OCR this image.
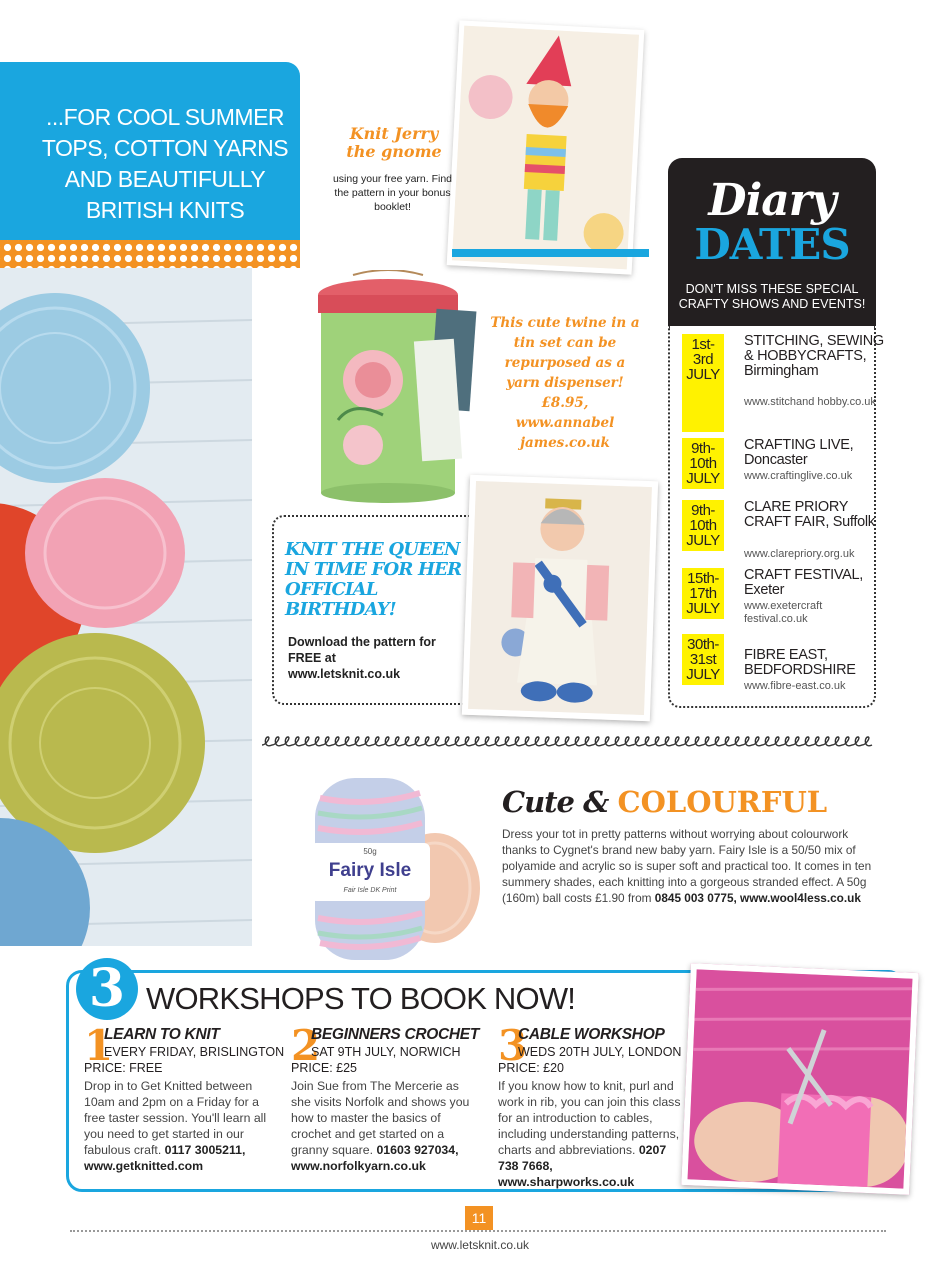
...FOR COOL SUMMER TOPS, COTTON YARNS AND BEAUTIFULLY BRITISH KNITS
Knit Jerry the gnome
using your free yarn. Find the pattern in your bonus booklet!
This cute twine in a tin set can be repurposed as a yarn dispenser! £8.95, www.annabel james.co.uk
KNIT THE QUEEN IN TIME FOR HER OFFICIAL BIRTHDAY!
Download the pattern for FREE at www.letsknit.co.uk
Diary
DATES
DON'T MISS THESE SPECIAL CRAFTY SHOWS AND EVENTS!
1st-3rd JULY
STITCHING, SEWING & HOBBYCRAFTS, Birmingham
www.stitchand hobby.co.uk
9th-10th JULY
CRAFTING LIVE, Doncaster
www.craftinglive.co.uk
9th-10th JULY
CLARE PRIORY CRAFT FAIR, Suffolk
www.clarepriory.org.uk
15th-17th JULY
CRAFT FESTIVAL, Exeter
www.exetercraft festival.co.uk
30th-31st JULY
FIBRE EAST, BEDFORDSHIRE
www.fibre-east.co.uk
50g
Fairy Isle
Fair Isle DK Print
Cute & COLOURFUL
Dress your tot in pretty patterns without worrying about colourwork thanks to Cygnet's brand new baby yarn. Fairy Isle is a 50/50 mix of polyamide and acrylic so is super soft and practical too. It comes in ten summery shades, each knitting into a gorgeous stranded effect. A 50g (160m) ball costs £1.90 from 0845 003 0775, www.wool4less.co.uk
3 WORKSHOPS TO BOOK NOW!
1
LEARN TO KNIT
EVERY FRIDAY, BRISLINGTON
PRICE: FREE
Drop in to Get Knitted between 10am and 2pm on a Friday for a free taster session. You'll learn all you need to get started in our fabulous craft. 0117 3005211, www.getknitted.com
2
BEGINNERS CROCHET
SAT 9TH JULY, NORWICH
PRICE: £25
Join Sue from The Mercerie as she visits Norfolk and shows you how to master the basics of crochet and get started on a granny square. 01603 927034, www.norfolkyarn.co.uk
3
CABLE WORKSHOP
WEDS 20TH JULY, LONDON
PRICE: £20
If you know how to knit, purl and work in rib, you can join this class for an introduction to cables, including understanding patterns, charts and abbreviations. 0207 738 7668, www.sharpworks.co.uk
11
www.letsknit.co.uk
